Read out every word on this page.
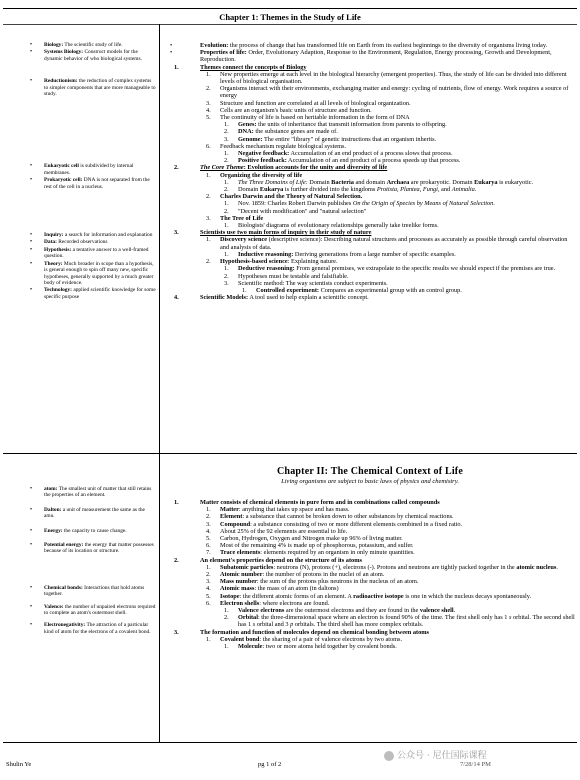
Chapter 1: Themes in the Study of Life
• Biology: The scientific study of life.
• Systems Biology: Construct models for the dynamic behavior of who biological systems.
• Reductionism: the reduction of complex systems to simpler components that are more manageable to study.
• Eukaryotic cell is subdivided by internal membranes.
• Prokaryotic cell: DNA is not separated from the rest of the cell in a nucleus.
• Inquiry: a search for information and explanation
• Data: Recorded observations
• Hypothesis: a tentative answer to a well-framed question.
• Theory: Much broader in scope than a hypothesis, is general enough to spin off many new, specific hypotheses, generally supported by a much greater body of evidence.
• Technology: applied scientific knowledge for some specific purpose
•	Evolution: the process of change that has transformed life on Earth from its earliest beginnings to the diversity of organisms living today.
•	Properties of life: Order, Evolutionary Adaption, Response to the Environment, Regulation, Energy processing, Growth and Development, Reproduction.
1.	Themes connect the concepts of Biology
1. New properties emerge at each level in the biological hierarchy (emergent properties). Thus, the study of life can be divided into different levels of biological organisation.
2. Organisms interact with their environments, exchanging matter and energy: cycling of nutrients, flow of energy. Work requires a source of energy
3. Structure and function are correlated at all levels of biological organization.
4. Cells are an organism's basic units of structure and function.
5. The continuity of life is based on heritable information in the form of DNA
1. Genes: the units of inheritance that transmit information from parents to offspring.
2. DNA: the substance genes are made of.
3. Genome: The entire "library" of genetic instructions that an organism inherits.
6. Feedback mechanism regulate biological systems.
1. Negative feedback: Accumulation of an end product of a process slows that process.
2. Positive feedback: Accumulation of an end product of a process speeds up that process.
2.	The Core Theme: Evolution accounts for the unity and diversity of life
1. Organizing the diversity of life
1. The Three Domains of Life: Domain Bacteria and domain Archaea are prokaryotic. Domain Eukarya is eukaryotic.
2. Domain Eukarya is further divided into the kingdoms Protista, Plantea, Fungi, and Animalia.
2. Charles Darwin and the Theory of Natural Selection.
1. Nov. 1859: Charles Robert Darwin publishes On the Origin of Species by Means of Natural Selection.
2. "Decent with modification" and "natural selection"
3. The Tree of Life
1. Biologists' diagrams of evolutionary relationships generally take treelike forms.
3.	Scientists use two main forms of inquiry in their study of nature
1. Discovery science (descriptive science): Describing natural structures and processes as accurately as possible through careful observation and analysis of data.
1. Inductive reasoning: Deriving generations from a large number of specific examples.
2. Hypothesis-based science: Explaining nature.
1. Deductive reasoning: From general premises, we extrapolate to the specific results we should expect if the premises are true.
2. Hypotheses must be testable and falsifiable.
3. Scientific method: The way scientists conduct experiments.
1. Controlled experiment: Compares an experimental group with an control group.
4.	Scientific Models: A tool used to help explain a scientific concept.
Chapter II: The Chemical Context of Life
Living organisms are subject to basic laws of physics and chemistry.
• atom: The smallest unit of matter that still retains the properties of an element.
• Dalton: a unit of measurement the same as the amu.
• Energy: the capacity to cause change.
• Potential energy: the energy that matter possesses because of its location or structure.
• Chemical bonds: Interactions that hold atoms together.
• Valence: the number of unpaired electrons required to complete an atom's outermost shell.
• Electronegativity: The attraction of a particular kind of atom for the electrons of a covalent bond.
1.	Matter consists of chemical elements in pure form and in combinations called compounds
1. Matter: anything that takes up space and has mass.
2. Element: a substance that cannot be broken down to other substances by chemical reactions.
3. Compound: a substance consisting of two or more different elements combined in a fixed ratio.
4. About 25% of the 92 elements are essential to life.
5. Carbon, Hydrogen, Oxygen and Nitrogen make up 96% of living matter.
6. Most of the remaining 4% is made up of phosphorous, potassium, and sulfer.
7. Trace elements: elements required by an organism in only minute quantities.
2.	An element's properties depend on the structure of its atoms
1. Subatomic particles: neutrons (N), protons (+), electrons (-). Protons and neutrons are tightly packed together in the atomic nucleus.
2. Atomic number: the number of protons in the nuclei of an atom.
3. Mass number: the sum of the protons plus neutrons in the nucleus of an atom.
4. Atomic mass: the mass of an atom (in daltons)
5. Isotope: the different atomic forms of an element. A radioactive isotope is one in which the nucleus decays spontaneously.
6. Electron shells: where electrons are found.
1. Valence electrons are the outermost electrons and they are found in the valence shell.
2. Orbital: the three-dimensional space where an electron is found 90% of the time. The first shell only has 1 s orbital. The second shell has 1 s orbital and 3 p orbitals. The third shell has more complex orbitals.
3.	The formation and function of molecules depend on chemical bonding between atoms
1. Covalent bond: the sharing of a pair of valence electrons by two atoms.
1. Molecule: two or more atoms held together by covalent bonds.
Shulin Ye	pg 1 of 2	7/28/14 PM
公众号 · 尼仕国际课程
